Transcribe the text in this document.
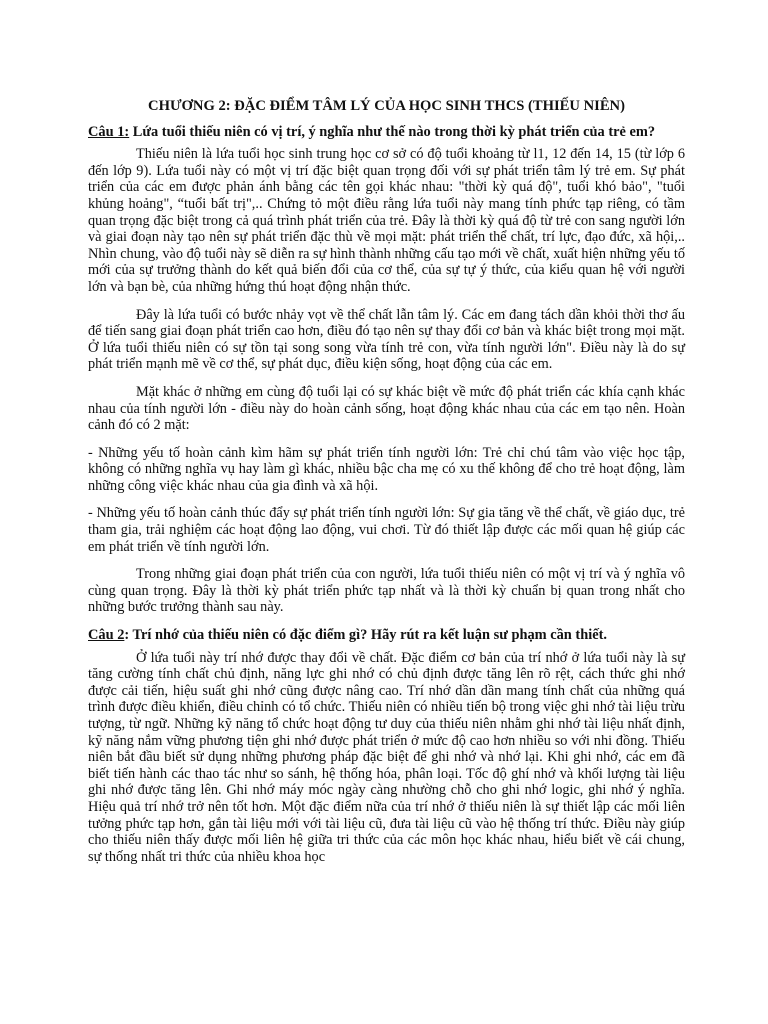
CHƯƠNG 2: ĐẶC ĐIỂM TÂM LÝ CỦA HỌC SINH THCS (THIẾU NIÊN)
Câu 1: Lứa tuổi thiếu niên có vị trí, ý nghĩa như thế nào trong thời kỳ phát triển của trẻ em?

Thiếu niên là lứa tuổi học sinh trung học cơ sở có độ tuổi khoảng từ l1, 12 đến 14, 15 (từ lớp 6 đến lớp 9). Lứa tuổi này có một vị trí đặc biệt quan trọng đối với sự phát triển tâm lý trẻ em. Sự phát triển của các em được phản ánh bằng các tên gọi khác nhau: "thời kỳ quá độ", tuổi khó bảo", "tuổi khủng hoảng", “tuổi bất trị",.. Chứng tỏ một điều rằng lứa tuổi này mang tính phức tạp riêng, có tầm quan trọng đặc biệt trong cả quá trình phát triển của trẻ. Đây là thời kỳ quá độ từ trẻ con sang người lớn và giai đoạn này tạo nên sự phát triển đặc thù về mọi mặt: phát triển thể chất, trí lực, đạo đức, xã hội,.. Nhìn chung, vào độ tuổi này sẽ diễn ra sự hình thành những cấu tạo mới về chất, xuất hiện những yếu tố mới của sự trưởng thành do kết quả biến đổi của cơ thể, của sự tự ý thức, của kiểu quan hệ với người lớn và bạn bè, của những hứng thú hoạt động nhận thức.

Đây là lứa tuổi có bước nhảy vọt về thể chất lẫn tâm lý. Các em đang tách dần khỏi thời thơ ấu để tiến sang giai đoạn phát triển cao hơn, điều đó tạo nên sự thay đổi cơ bản và khác biệt trong mọi mặt. Ở lứa tuổi thiếu niên có sự tồn tại song song vừa tính trẻ con, vừa tính người lớn". Điều này là do sự phát triển mạnh mẽ về cơ thể, sự phát dục, điều kiện sống, hoạt động của các em.

Mặt khác ở những em cùng độ tuổi lại có sự khác biệt về mức độ phát triển các khía cạnh khác nhau của tính người lớn - điều này do hoàn cảnh sống, hoạt động khác nhau của các em tạo nên. Hoàn cảnh đó có 2 mặt:

- Những yếu tố hoàn cảnh kìm hãm sự phát triển tính người lớn: Trẻ chỉ chú tâm vào việc học tập, không có những nghĩa vụ hay làm gì khác, nhiều bậc cha mẹ có xu thế không để cho trẻ hoạt động, làm những công việc khác nhau của gia đình và xã hội.

- Những yếu tố hoàn cảnh thúc đẩy sự phát triển tính người lớn: Sự gia tăng về thể chất, về giáo dục, trẻ tham gia, trải nghiệm các hoạt động lao động, vui chơi. Từ đó thiết lập được các mối quan hệ giúp các em phát triển về tính người lớn.

Trong những giai đoạn phát triển của con người, lứa tuổi thiếu niên có một vị trí và ý nghĩa vô cùng quan trọng. Đây là thời kỳ phát triển phức tạp nhất và là thời kỳ chuẩn bị quan trong nhất cho những bước trưởng thành sau này.

Câu 2: Trí nhớ của thiếu niên có đặc điểm gì? Hãy rút ra kết luận sư phạm cần thiết.

Ở lứa tuổi này trí nhớ được thay đổi về chất. Đặc điểm cơ bản của trí nhớ ở lứa tuổi này là sự tăng cường tính chất chủ định, năng lực ghi nhớ có chủ định được tăng lên rõ rệt, cách thức ghi nhớ được cải tiến, hiệu suất ghi nhớ cũng được nâng cao. Trí nhớ dần dần mang tính chất của những quá trình được điều khiển, điều chỉnh có tổ chức. Thiếu niên có nhiều tiến bộ trong việc ghi nhớ tài liệu trừu tượng, từ ngữ. Những kỹ năng tổ chức hoạt động tư duy của thiếu niên nhằm ghi nhớ tài liệu nhất định, kỹ năng nắm vững phương tiện ghi nhớ được phát triển ở mức độ cao hơn nhiều so với nhi đồng. Thiếu niên bắt đầu biết sử dụng những phương pháp đặc biệt để ghi nhớ và nhớ lại. Khi ghi nhớ, các em đã biết tiến hành các thao tác như so sánh, hệ thống hóa, phân loại. Tốc độ ghí nhớ và khối lượng tài liệu ghi nhớ được tăng lên. Ghi nhớ máy móc ngày càng nhường chỗ cho ghi nhớ logic, ghi nhớ ý nghĩa. Hiệu quả trí nhớ trở nên tốt hơn. Một đặc điểm nữa của trí nhớ ở thiếu niên là sự thiết lập các mối liên tưởng phức tạp hơn, gắn tài liệu mới với tài liệu cũ, đưa tài liệu cũ vào hệ thống trí thức. Điều này giúp cho thiếu niên thấy được mối liên hệ giữa tri thức của các môn học khác nhau, hiểu biết về cái chung, sự thống nhất tri thức của nhiều khoa học
